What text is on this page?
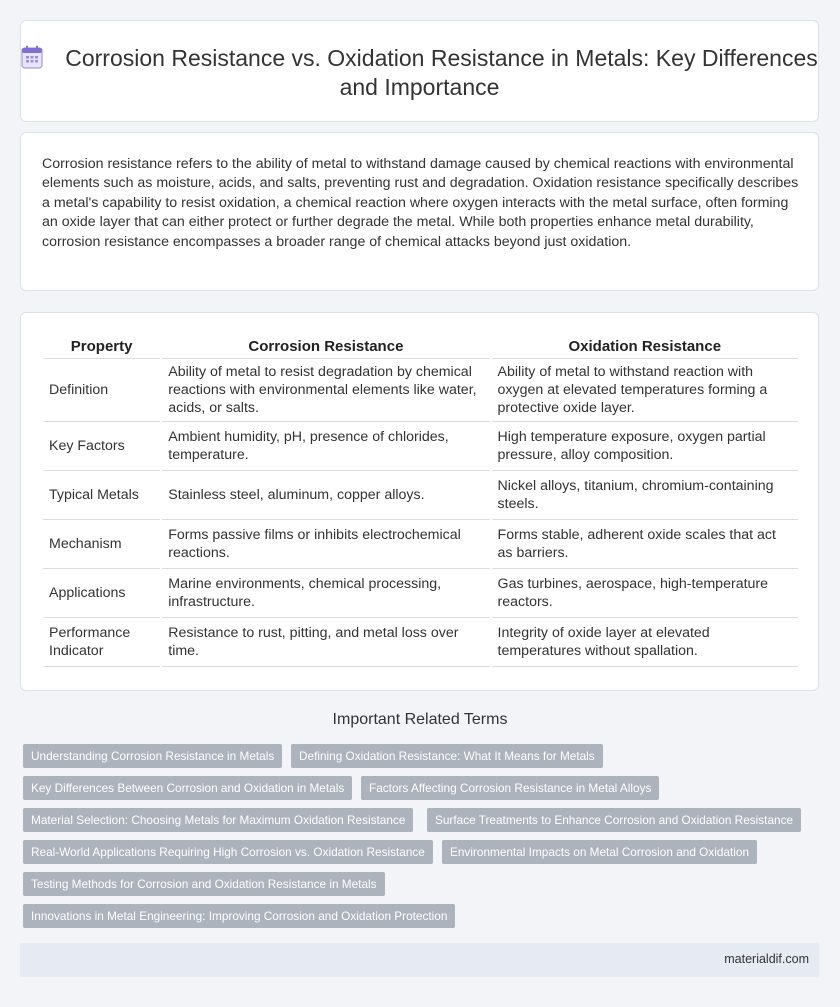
Corrosion Resistance vs. Oxidation Resistance in Metals: Key Differences and Importance
Corrosion resistance refers to the ability of metal to withstand damage caused by chemical reactions with environmental elements such as moisture, acids, and salts, preventing rust and degradation. Oxidation resistance specifically describes a metal's capability to resist oxidation, a chemical reaction where oxygen interacts with the metal surface, often forming an oxide layer that can either protect or further degrade the metal. While both properties enhance metal durability, corrosion resistance encompasses a broader range of chemical attacks beyond just oxidation.
Property	Corrosion Resistance	Oxidation Resistance
Definition	Ability of metal to resist degradation by chemical reactions with environmental elements like water, acids, or salts.	Ability of metal to withstand reaction with oxygen at elevated temperatures forming a protective oxide layer.
Key Factors	Ambient humidity, pH, presence of chlorides, temperature.	High temperature exposure, oxygen partial pressure, alloy composition.
Typical Metals	Stainless steel, aluminum, copper alloys.	Nickel alloys, titanium, chromium-containing steels.
Mechanism	Forms passive films or inhibits electrochemical reactions.	Forms stable, adherent oxide scales that act as barriers.
Applications	Marine environments, chemical processing, infrastructure.	Gas turbines, aerospace, high-temperature reactors.
Performance Indicator	Resistance to rust, pitting, and metal loss over time.	Integrity of oxide layer at elevated temperatures without spallation.
Important Related Terms
Understanding Corrosion Resistance in Metals	Defining Oxidation Resistance: What It Means for Metals
Key Differences Between Corrosion and Oxidation in Metals	Factors Affecting Corrosion Resistance in Metal Alloys
Material Selection: Choosing Metals for Maximum Oxidation Resistance	Surface Treatments to Enhance Corrosion and Oxidation Resistance
Real-World Applications Requiring High Corrosion vs. Oxidation Resistance	Environmental Impacts on Metal Corrosion and Oxidation
Testing Methods for Corrosion and Oxidation Resistance in Metals
Innovations in Metal Engineering: Improving Corrosion and Oxidation Protection
materialdif.com
